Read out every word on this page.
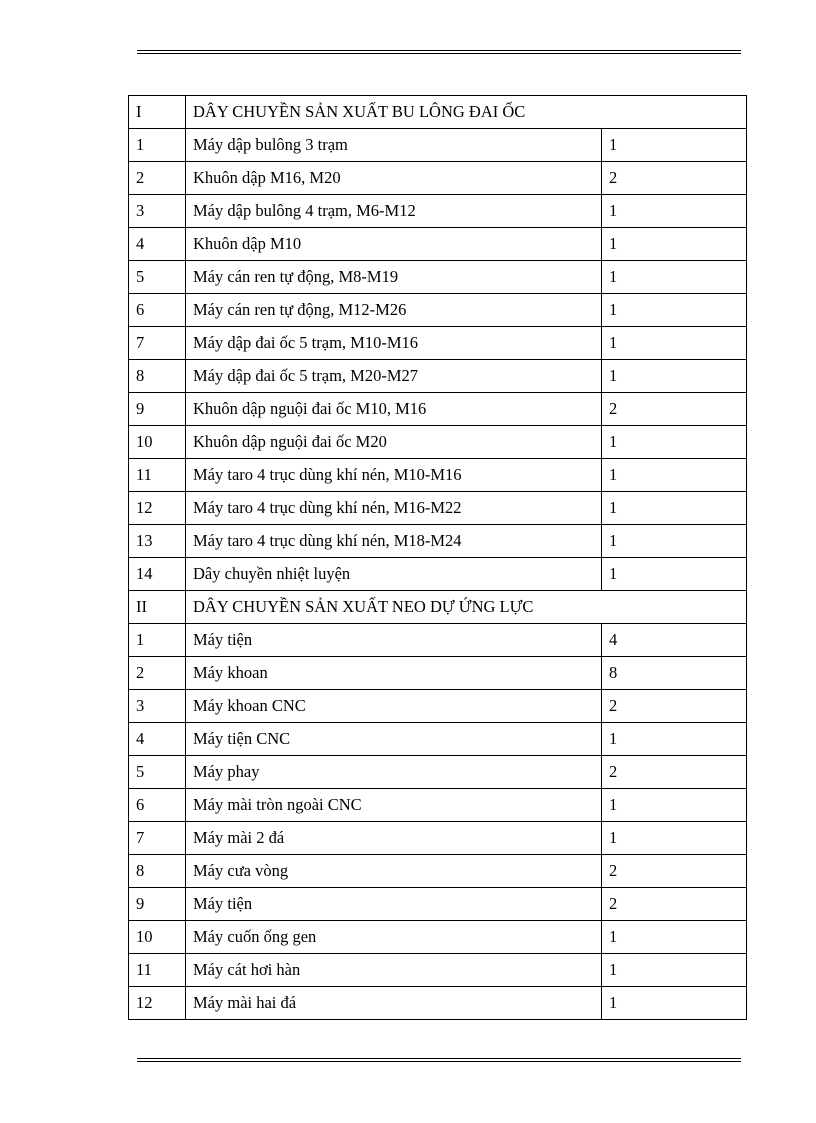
I	DÂY CHUYỀN SẢN XUẤT BU LÔNG ĐAI ỐC	
1	Máy dập bulông 3 trạm	1
2	Khuôn dập M16, M20	2
3	Máy dập bulông 4 trạm, M6-M12	1
4	Khuôn dập M10	1
5	Máy cán ren tự động, M8-M19	1
6	Máy cán ren tự động, M12-M26	1
7	Máy dập đai ốc 5 trạm, M10-M16	1
8	Máy dập đai ốc 5 trạm, M20-M27	1
9	Khuôn dập nguội đai ốc M10, M16	2
10	Khuôn dập nguội đai ốc M20	1
11	Máy taro 4 trục dùng khí nén, M10-M16	1
12	Máy taro 4 trục dùng khí nén, M16-M22	1
13	Máy taro 4 trục dùng khí nén, M18-M24	1
14	Dây chuyền nhiệt luyện	1
II	DÂY CHUYỀN SẢN XUẤT NEO DỰ ỨNG LỰC	
1	Máy tiện	4
2	Máy khoan	8
3	Máy khoan CNC	2
4	Máy tiện CNC	1
5	Máy phay	2
6	Máy mài tròn ngoài CNC	1
7	Máy mài 2 đá	1
8	Máy cưa vòng	2
9	Máy tiện	2
10	Máy cuốn ống gen	1
11	Máy cát hơi hàn	1
12	Máy mài hai đá	1
